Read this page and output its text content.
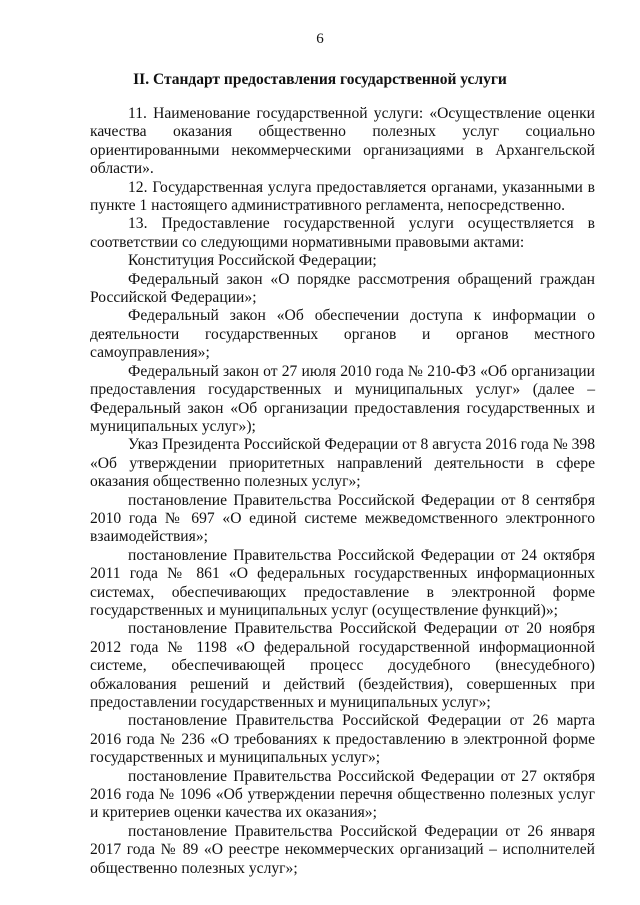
6
II. Стандарт предоставления государственной услуги

11. Наименование государственной услуги: «Осуществление оценки качества оказания общественно полезных услуг социально ориентированными некоммерческими организациями в Архангельской области».

12. Государственная услуга предоставляется органами, указанными в пункте 1 настоящего административного регламента, непосредственно.

13. Предоставление государственной услуги осуществляется в соответствии со следующими нормативными правовыми актами:

Конституция Российской Федерации;

Федеральный закон «О порядке рассмотрения обращений граждан Российской Федерации»;

Федеральный закон «Об обеспечении доступа к информации о деятельности государственных органов и органов местного самоуправления»;

Федеральный закон от 27 июля 2010 года № 210-ФЗ «Об организации предоставления государственных и муниципальных услуг» (далее – Федеральный закон «Об организации предоставления государственных и муниципальных услуг»);

Указ Президента Российской Федерации от 8 августа 2016 года № 398 «Об утверждении приоритетных направлений деятельности в сфере оказания общественно полезных услуг»;

постановление Правительства Российской Федерации от 8 сентября 2010 года № 697 «О единой системе межведомственного электронного взаимодействия»;

постановление Правительства Российской Федерации от 24 октября 2011 года № 861 «О федеральных государственных информационных системах, обеспечивающих предоставление в электронной форме государственных и муниципальных услуг (осуществление функций)»;

постановление Правительства Российской Федерации от 20 ноября 2012 года № 1198 «О федеральной государственной информационной системе, обеспечивающей процесс досудебного (внесудебного) обжалования решений и действий (бездействия), совершенных при предоставлении государственных и муниципальных услуг»;

постановление Правительства Российской Федерации от 26 марта 2016 года № 236 «О требованиях к предоставлению в электронной форме государственных и муниципальных услуг»;

постановление Правительства Российской Федерации от 27 октября 2016 года № 1096 «Об утверждении перечня общественно полезных услуг и критериев оценки качества их оказания»;

постановление Правительства Российской Федерации от 26 января 2017 года № 89 «О реестре некоммерческих организаций – исполнителей общественно полезных услуг»;
